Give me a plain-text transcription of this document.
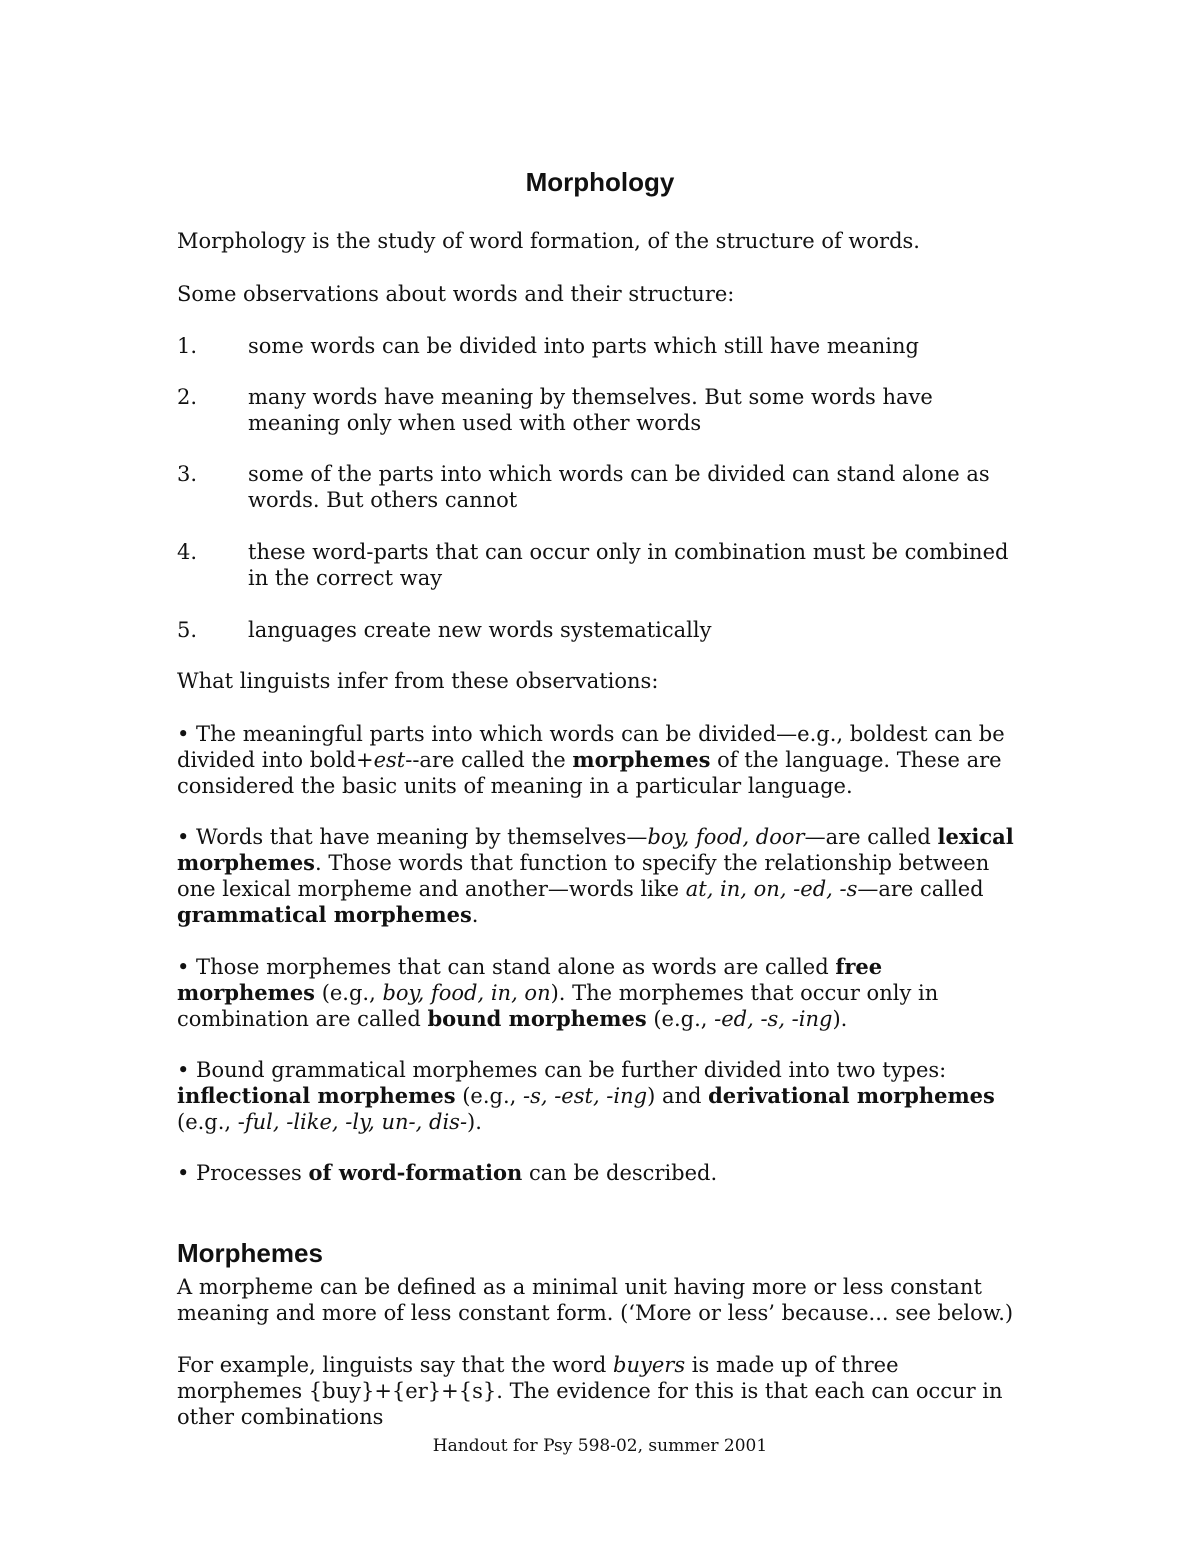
Morphology
Morphology is the study of word formation, of the structure of words.
Some observations about words and their structure:
1.	some words can be divided into parts which still have meaning
2.	many words have meaning by themselves. But some words have meaning only when used with other words
3.	some of the parts into which words can be divided can stand alone as words. But others cannot
4.	these word-parts that can occur only in combination must be combined in the correct way
5.	languages create new words systematically
What linguists infer from these observations:
• The meaningful parts into which words can be divided—e.g., boldest can be divided into bold+est--are called the morphemes of the language. These are considered the basic units of meaning in a particular language.
• Words that have meaning by themselves—boy, food, door—are called lexical morphemes. Those words that function to specify the relationship between one lexical morpheme and another—words like at, in, on, -ed, -s—are called grammatical morphemes.
• Those morphemes that can stand alone as words are called free morphemes (e.g., boy, food, in, on). The morphemes that occur only in combination are called bound morphemes (e.g., -ed, -s, -ing).
• Bound grammatical morphemes can be further divided into two types: inflectional morphemes (e.g., -s, -est, -ing) and derivational morphemes (e.g., -ful, -like, -ly, un-, dis-).
• Processes of word-formation can be described.
Morphemes
A morpheme can be defined as a minimal unit having more or less constant meaning and more of less constant form. (‘More or less’ because... see below.)
For example, linguists say that the word buyers is made up of three morphemes {buy}+{er}+{s}. The evidence for this is that each can occur in other combinations
Handout for Psy 598-02, summer 2001
